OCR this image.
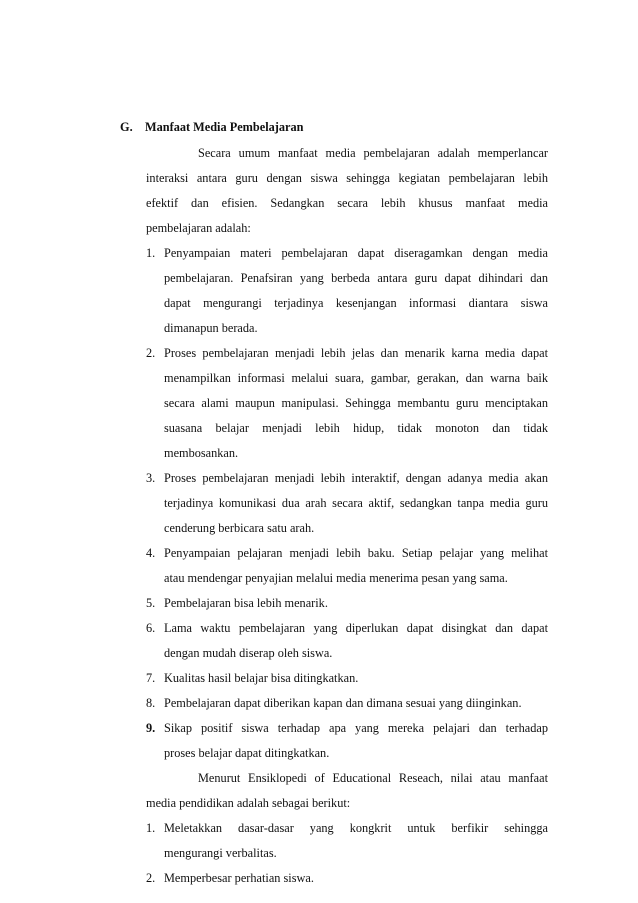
G. Manfaat Media Pembelajaran
Secara umum manfaat media pembelajaran adalah memperlancar
interaksi antara guru dengan siswa sehingga kegiatan pembelajaran lebih
efektif dan efisien. Sedangkan secara lebih khusus manfaat media
pembelajaran adalah:
1. Penyampaian materi pembelajaran dapat diseragamkan dengan media
pembelajaran. Penafsiran yang berbeda antara guru dapat dihindari dan
dapat mengurangi terjadinya kesenjangan informasi diantara siswa
dimanapun berada.
2. Proses pembelajaran menjadi lebih jelas dan menarik karna media dapat
menampilkan informasi melalui suara, gambar, gerakan, dan warna baik
secara alami maupun manipulasi. Sehingga membantu guru menciptakan
suasana belajar menjadi lebih hidup, tidak monoton dan tidak
membosankan.
3. Proses pembelajaran menjadi lebih interaktif, dengan adanya media akan
terjadinya komunikasi dua arah secara aktif, sedangkan tanpa media guru
cenderung berbicara satu arah.
4. Penyampaian pelajaran menjadi lebih baku. Setiap pelajar yang melihat
atau mendengar penyajian melalui media menerima pesan yang sama.
5. Pembelajaran bisa lebih menarik.
6. Lama waktu pembelajaran yang diperlukan dapat disingkat dan dapat
dengan mudah diserap oleh siswa.
7. Kualitas hasil belajar bisa ditingkatkan.
8. Pembelajaran dapat diberikan kapan dan dimana sesuai yang diinginkan.
9. Sikap positif siswa terhadap apa yang mereka pelajari dan terhadap
proses belajar dapat ditingkatkan.
Menurut Ensiklopedi of Educational Reseach, nilai atau manfaat
media pendidikan adalah sebagai berikut:
1. Meletakkan dasar-dasar yang kongkrit untuk berfikir sehingga
mengurangi verbalitas.
2. Memperbesar perhatian siswa.
